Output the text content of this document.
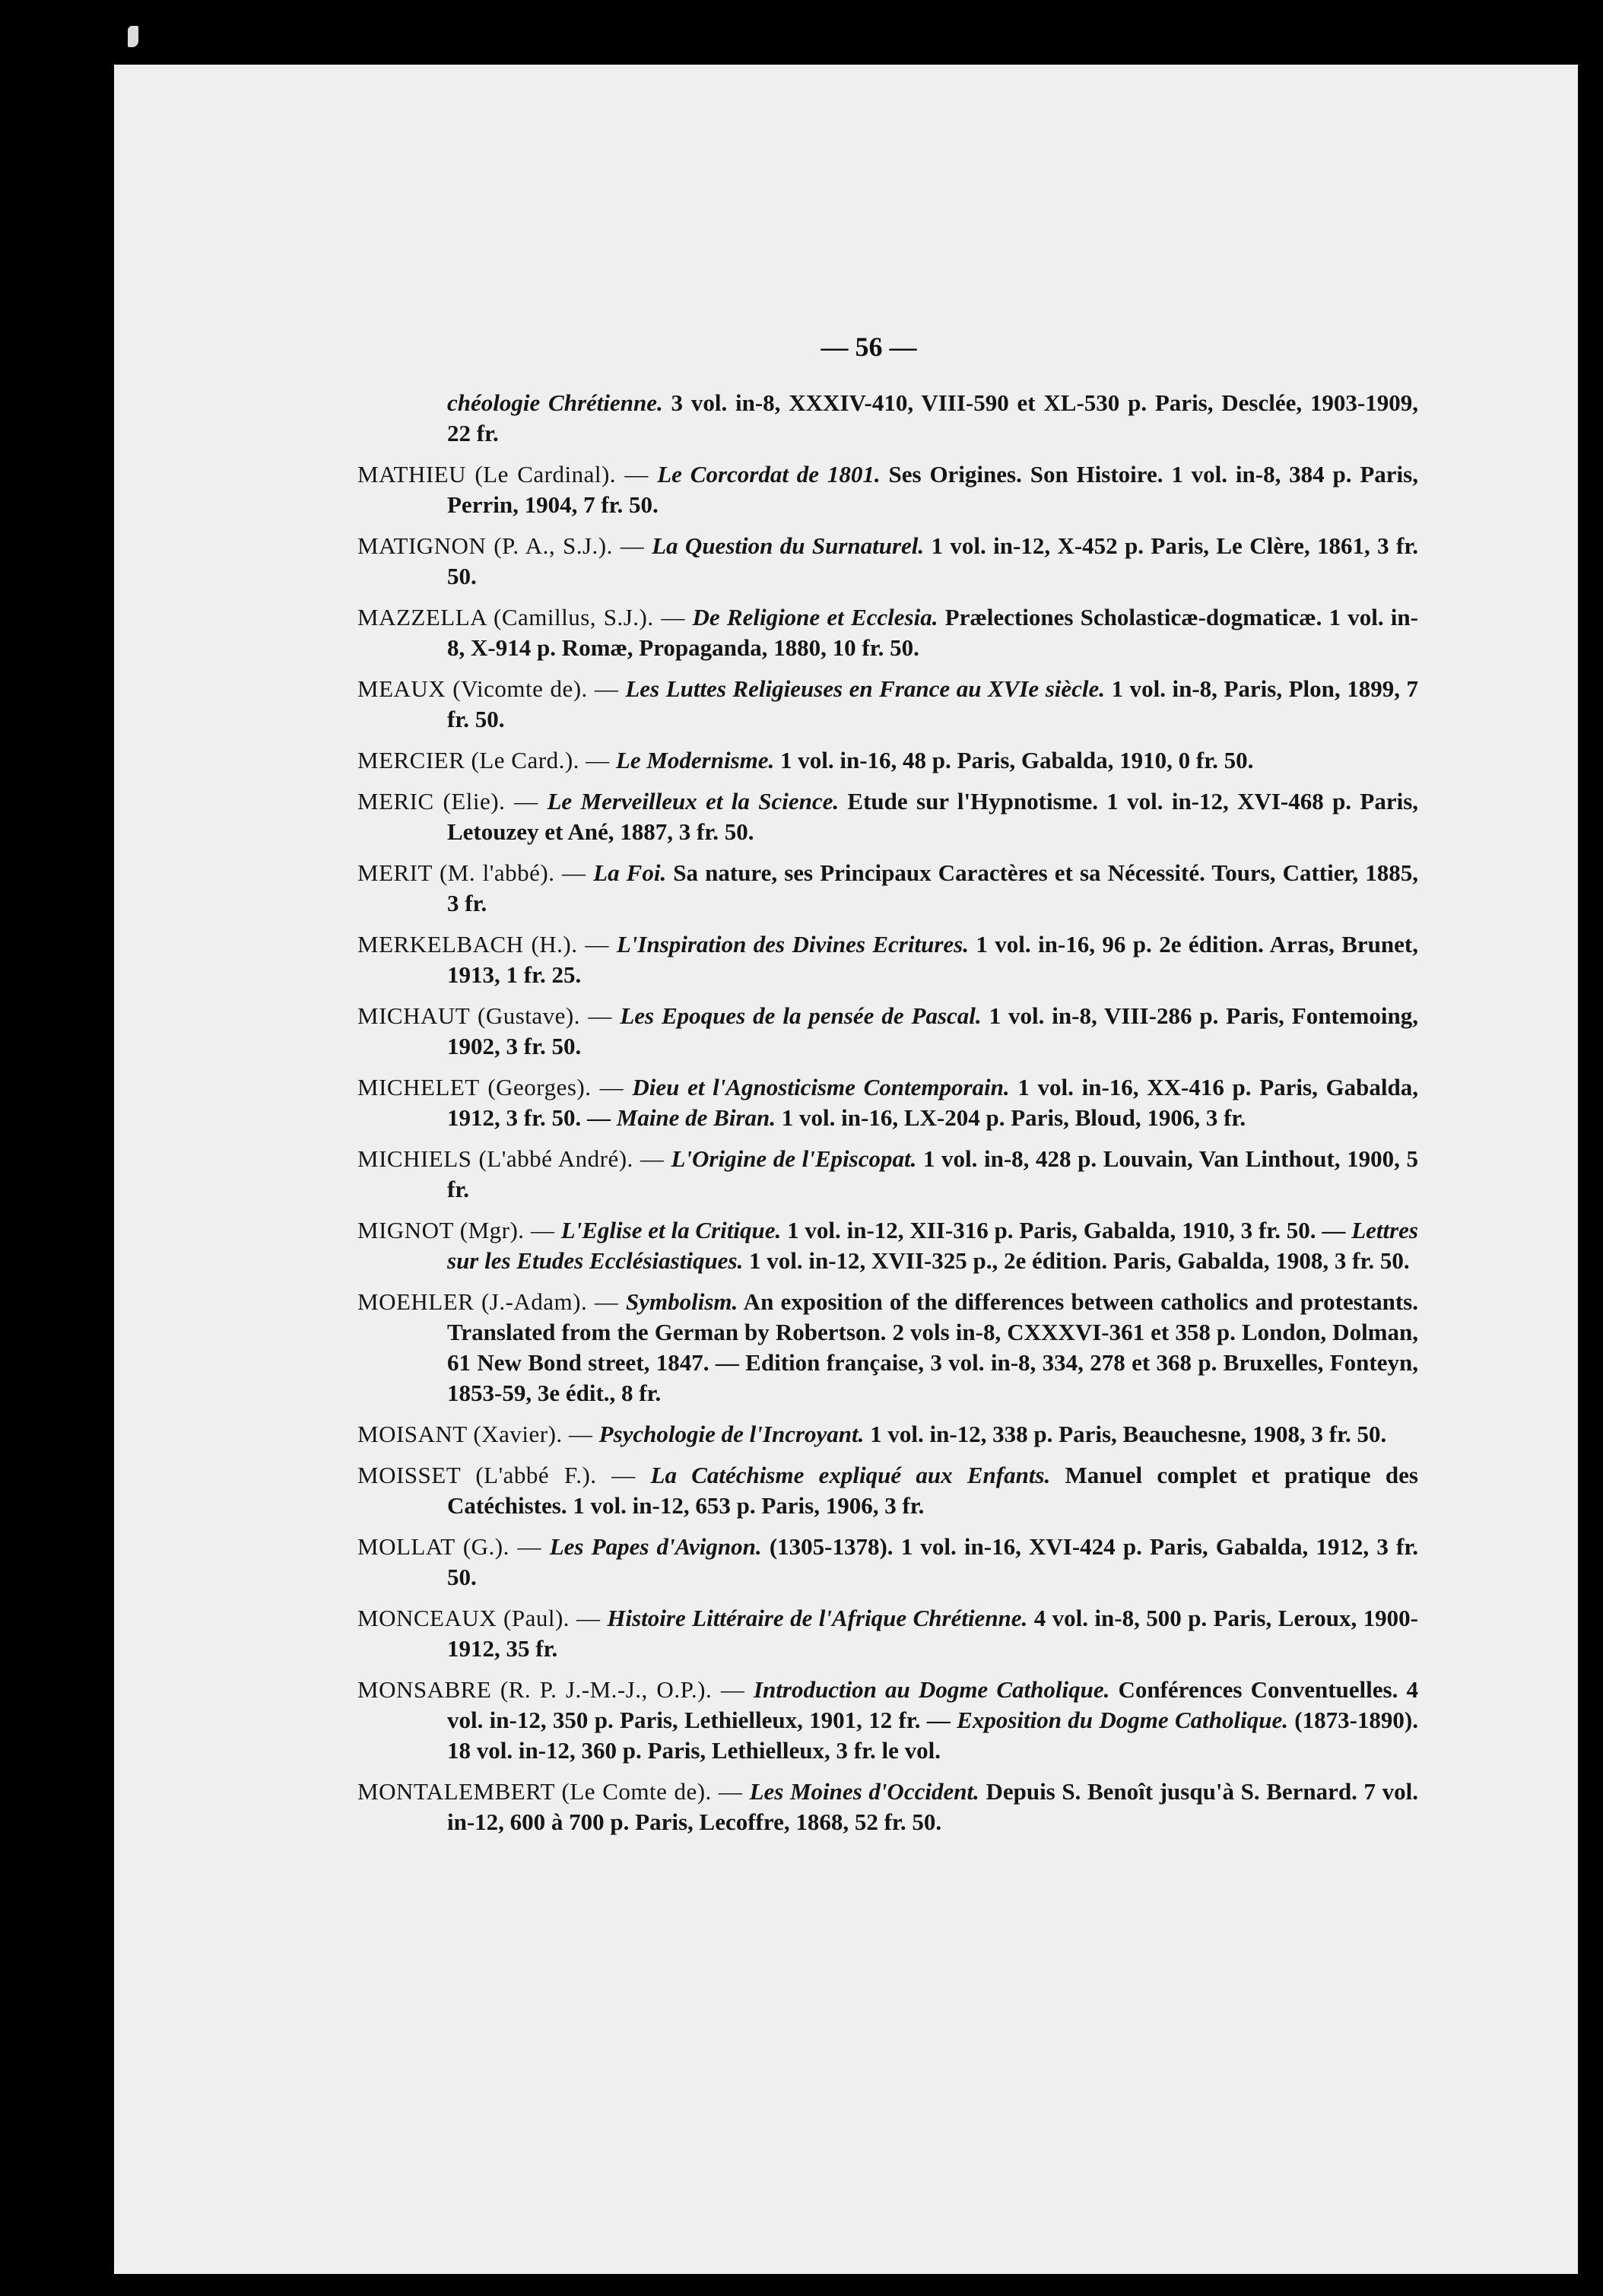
— 56 —

chéologie Chrétienne. 3 vol. in-8, XXXIV-410, VIII-590 et XL-530 p. Paris, Desclée, 1903-1909, 22 fr.

MATHIEU (Le Cardinal). — Le Corcordat de 1801. Ses Origines. Son Histoire. 1 vol. in-8, 384 p. Paris, Perrin, 1904, 7 fr. 50.

MATIGNON (P. A., S.J.). — La Question du Surnaturel. 1 vol. in-12, X-452 p. Paris, Le Clère, 1861, 3 fr. 50.

MAZZELLA (Camillus, S.J.). — De Religione et Ecclesia. Prælectiones Scholasticæ-dogmaticæ. 1 vol. in-8, X-914 p. Romæ, Propaganda, 1880, 10 fr. 50.

MEAUX (Vicomte de). — Les Luttes Religieuses en France au XVIe siècle. 1 vol. in-8, Paris, Plon, 1899, 7 fr. 50.

MERCIER (Le Card.). — Le Modernisme. 1 vol. in-16, 48 p. Paris, Gabalda, 1910, 0 fr. 50.

MERIC (Elie). — Le Merveilleux et la Science. Etude sur l'Hypnotisme. 1 vol. in-12, XVI-468 p. Paris, Letouzey et Ané, 1887, 3 fr. 50.

MERIT (M. l'abbé). — La Foi. Sa nature, ses Principaux Caractères et sa Nécessité. Tours, Cattier, 1885, 3 fr.

MERKELBACH (H.). — L'Inspiration des Divines Ecritures. 1 vol. in-16, 96 p. 2e édition. Arras, Brunet, 1913, 1 fr. 25.

MICHAUT (Gustave). — Les Epoques de la pensée de Pascal. 1 vol. in-8, VIII-286 p. Paris, Fontemoing, 1902, 3 fr. 50.

MICHELET (Georges). — Dieu et l'Agnosticisme Contemporain. 1 vol. in-16, XX-416 p. Paris, Gabalda, 1912, 3 fr. 50. — Maine de Biran. 1 vol. in-16, LX-204 p. Paris, Bloud, 1906, 3 fr.

MICHIELS (L'abbé André). — L'Origine de l'Episcopat. 1 vol. in-8, 428 p. Louvain, Van Linthout, 1900, 5 fr.

MIGNOT (Mgr). — L'Eglise et la Critique. 1 vol. in-12, XII-316 p. Paris, Gabalda, 1910, 3 fr. 50. — Lettres sur les Etudes Ecclésiastiques. 1 vol. in-12, XVII-325 p., 2e édition. Paris, Gabalda, 1908, 3 fr. 50.

MOEHLER (J.-Adam). — Symbolism. An exposition of the differences between catholics and protestants. Translated from the German by Robertson. 2 vols in-8, CXXXVI-361 et 358 p. London, Dolman, 61 New Bond street, 1847. — Edition française, 3 vol. in-8, 334, 278 et 368 p. Bruxelles, Fonteyn, 1853-59, 3e édit., 8 fr.

MOISANT (Xavier). — Psychologie de l'Incroyant. 1 vol. in-12, 338 p. Paris, Beauchesne, 1908, 3 fr. 50.

MOISSET (L'abbé F.). — La Catéchisme expliqué aux Enfants. Manuel complet et pratique des Catéchistes. 1 vol. in-12, 653 p. Paris, 1906, 3 fr.

MOLLAT (G.). — Les Papes d'Avignon. (1305-1378). 1 vol. in-16, XVI-424 p. Paris, Gabalda, 1912, 3 fr. 50.

MONCEAUX (Paul). — Histoire Littéraire de l'Afrique Chrétienne. 4 vol. in-8, 500 p. Paris, Leroux, 1900-1912, 35 fr.

MONSABRE (R. P. J.-M.-J., O.P.). — Introduction au Dogme Catholique. Conférences Conventuelles. 4 vol. in-12, 350 p. Paris, Lethielleux, 1901, 12 fr. — Exposition du Dogme Catholique. (1873-1890). 18 vol. in-12, 360 p. Paris, Lethielleux, 3 fr. le vol.

MONTALEMBERT (Le Comte de). — Les Moines d'Occident. Depuis S. Benoît jusqu'à S. Bernard. 7 vol. in-12, 600 à 700 p. Paris, Lecoffre, 1868, 52 fr. 50.
